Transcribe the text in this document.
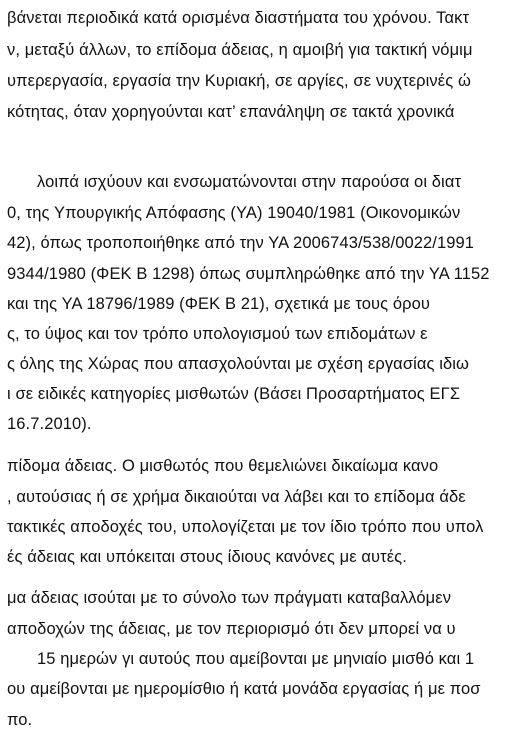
βάνεται περιοδικά κατά ορισμένα διαστήματα του χρόνου. Τακτ
ν, μεταξύ άλλων, το επίδομα άδειας, η αμοιβή για τακτική νόμιμ
υπερεργασία, εργασία την Κυριακή, σε αργίες, σε νυχτερινές ώ
κότητας, όταν χορηγούνται κατ’ επανάληψη σε τακτά χρονικά
λοιπά ισχύουν και ενσωματώνονται στην παρούσα οι διατ
0, της Υπουργικής Απόφασης (ΥΑ) 19040/1981 (Οικονομικών
42), όπως τροποποιήθηκε από την ΥΑ 2006743/538/0022/1991
9344/1980 (ΦΕΚ Β 1298) όπως συμπληρώθηκε από την ΥΑ 1152
και της ΥΑ 18796/1989 (ΦΕΚ Β 21), σχετικά με τους όρου
ς, το ύψος και τον τρόπο υπολογισμού των επιδομάτων ε
ς όλης της Χώρας που απασχολούνται με σχέση εργασίας ιδιω
ι σε ειδικές κατηγορίες μισθωτών (Βάσει Προσαρτήματος ΕΓΣ
16.7.2010).
πίδομα άδειας. Ο μισθωτός που θεμελιώνει δικαίωμα κανο
, αυτούσιας ή σε χρήμα δικαιούται να λάβει και το επίδομα άδε
τακτικές αποδοχές του, υπολογίζεται με τον ίδιο τρόπο που υπολ
ές άδειας και υπόκειται στους ίδιους κανόνες με αυτές.
μα άδειας ισούται με το σύνολο των πράγματι καταβαλλόμεν
αποδοχών της άδειας, με τον περιορισμό ότι δεν μπορεί να υ
15 ημερών γι αυτούς που αμείβονται με μηνιαίο μισθό και 1
ου αμείβονται με ημερομίσθιο ή κατά μονάδα εργασίας ή με ποσ
πο.
